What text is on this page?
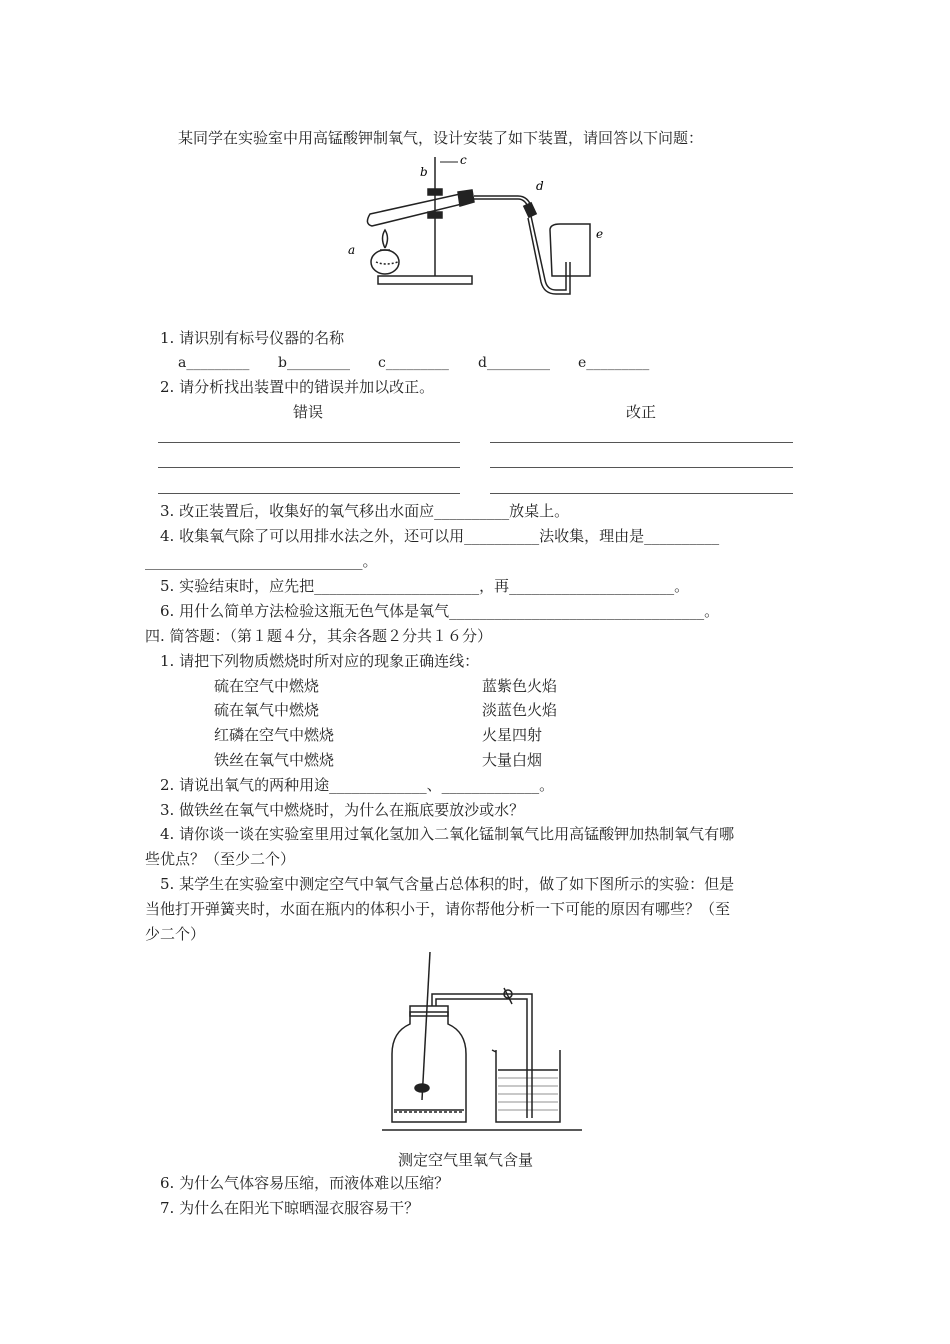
某同学在实验室中用高锰酸钾制氧气，设计安装了如下装置，请回答以下问题：
a
b
c
d
e
1. 请识别有标号仪器的名称
a_________ b_________ c_________ d_________ e_________
2. 请分析找出装置中的错误并加以改正。
错误	改正
3. 改正装置后，收集好的氧气移出水面应__________放桌上。
4. 收集氧气除了可以用排水法之外，还可以用__________法收集，理由是__________
_____________________________。
5. 实验结束时，应先把______________________，再______________________。
6. 用什么简单方法检验这瓶无色气体是氧气__________________________________。
四. 简答题：（第１题４分，其余各题２分共１６分）
1. 请把下列物质燃烧时所对应的现象正确连线：
硫在空气中燃烧
硫在氧气中燃烧
红磷在空气中燃烧
铁丝在氧气中燃烧
蓝紫色火焰
淡蓝色火焰
火星四射
大量白烟
2. 请说出氧气的两种用途_____________、_____________。
3. 做铁丝在氧气中燃烧时，为什么在瓶底要放沙或水？
4. 请你谈一谈在实验室里用过氧化氢加入二氧化锰制氧气比用高锰酸钾加热制氧气有哪
些优点？（至少二个）
5. 某学生在实验室中测定空气中氧气含量占总体积的时，做了如下图所示的实验：但是
当他打开弹簧夹时，水面在瓶内的体积小于，请你帮他分析一下可能的原因有哪些？（至
少二个）
测定空气里氧气含量
6. 为什么气体容易压缩，而液体难以压缩？
7. 为什么在阳光下晾晒湿衣服容易干？
